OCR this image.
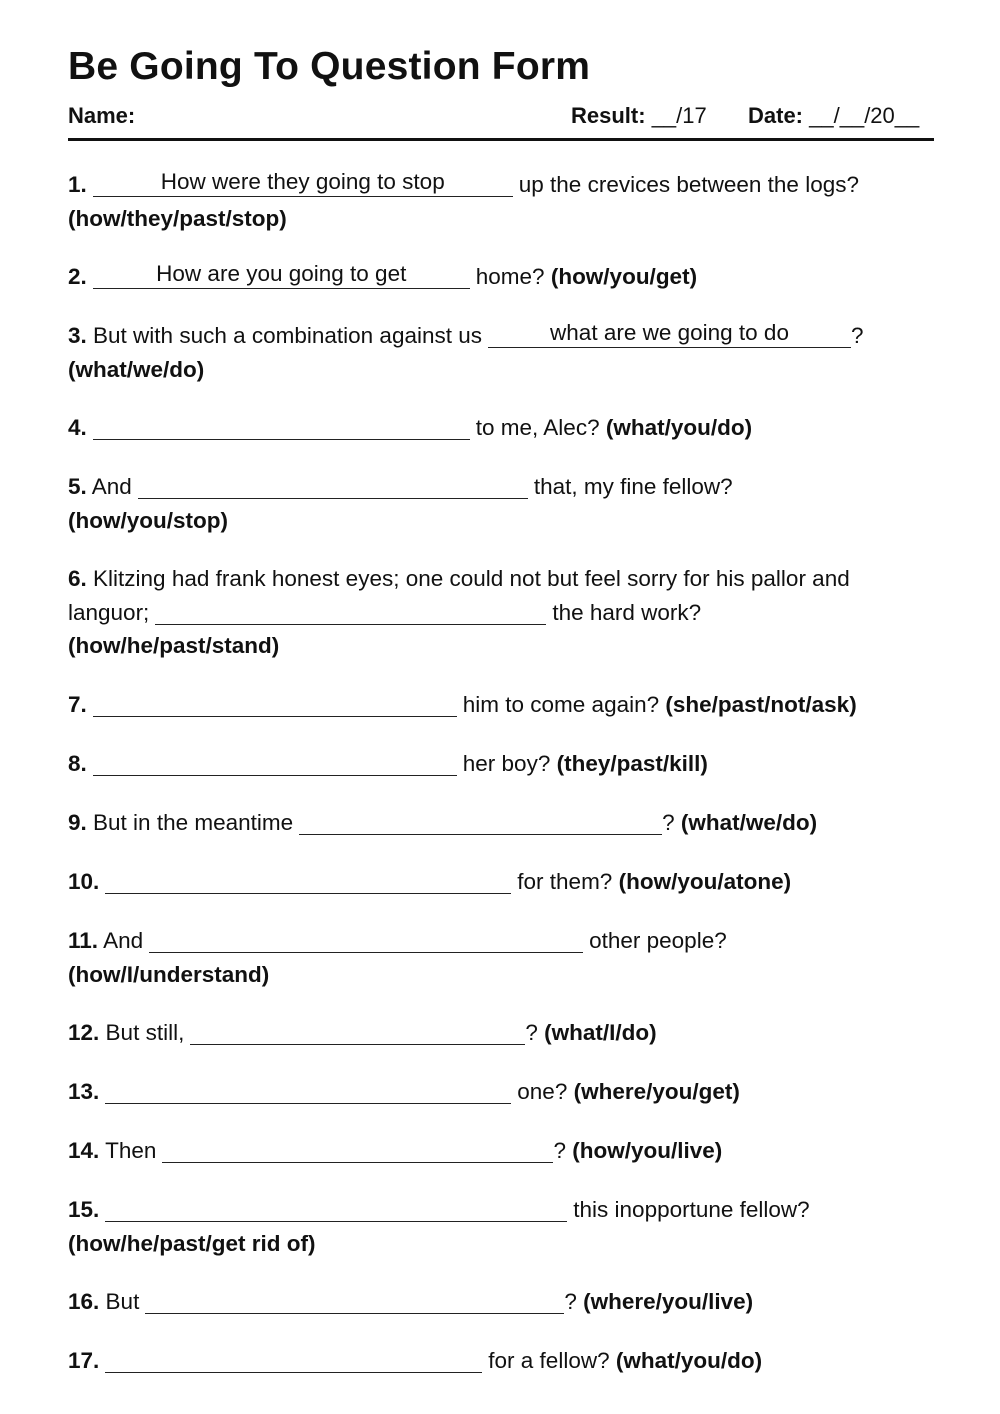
Be Going To Question Form
Name:	Result: __/17 Date: __/__/20__
1.	How were they going to stop	up the crevices between the logs?
(how/they/past/stop)
2.	How are you going to get	home? (how/you/get)
3. But with such a combination against us	what are we going to do	?
(what/we/do)
4.	to me, Alec? (what/you/do)
5. And	that, my fine fellow?
(how/you/stop)
6. Klitzing had frank honest eyes; one could not but feel sorry for his pallor and languor;	the hard work?
(how/he/past/stand)
7.	him to come again? (she/past/not/ask)
8.	her boy? (they/past/kill)
9. But in the meantime	? (what/we/do)
10.	for them? (how/you/atone)
11. And	other people?
(how/I/understand)
12. But still,	? (what/I/do)
13.	one? (where/you/get)
14. Then	? (how/you/live)
15.	this inopportune fellow?
(how/he/past/get rid of)
16. But	? (where/you/live)
17.	for a fellow? (what/you/do)
